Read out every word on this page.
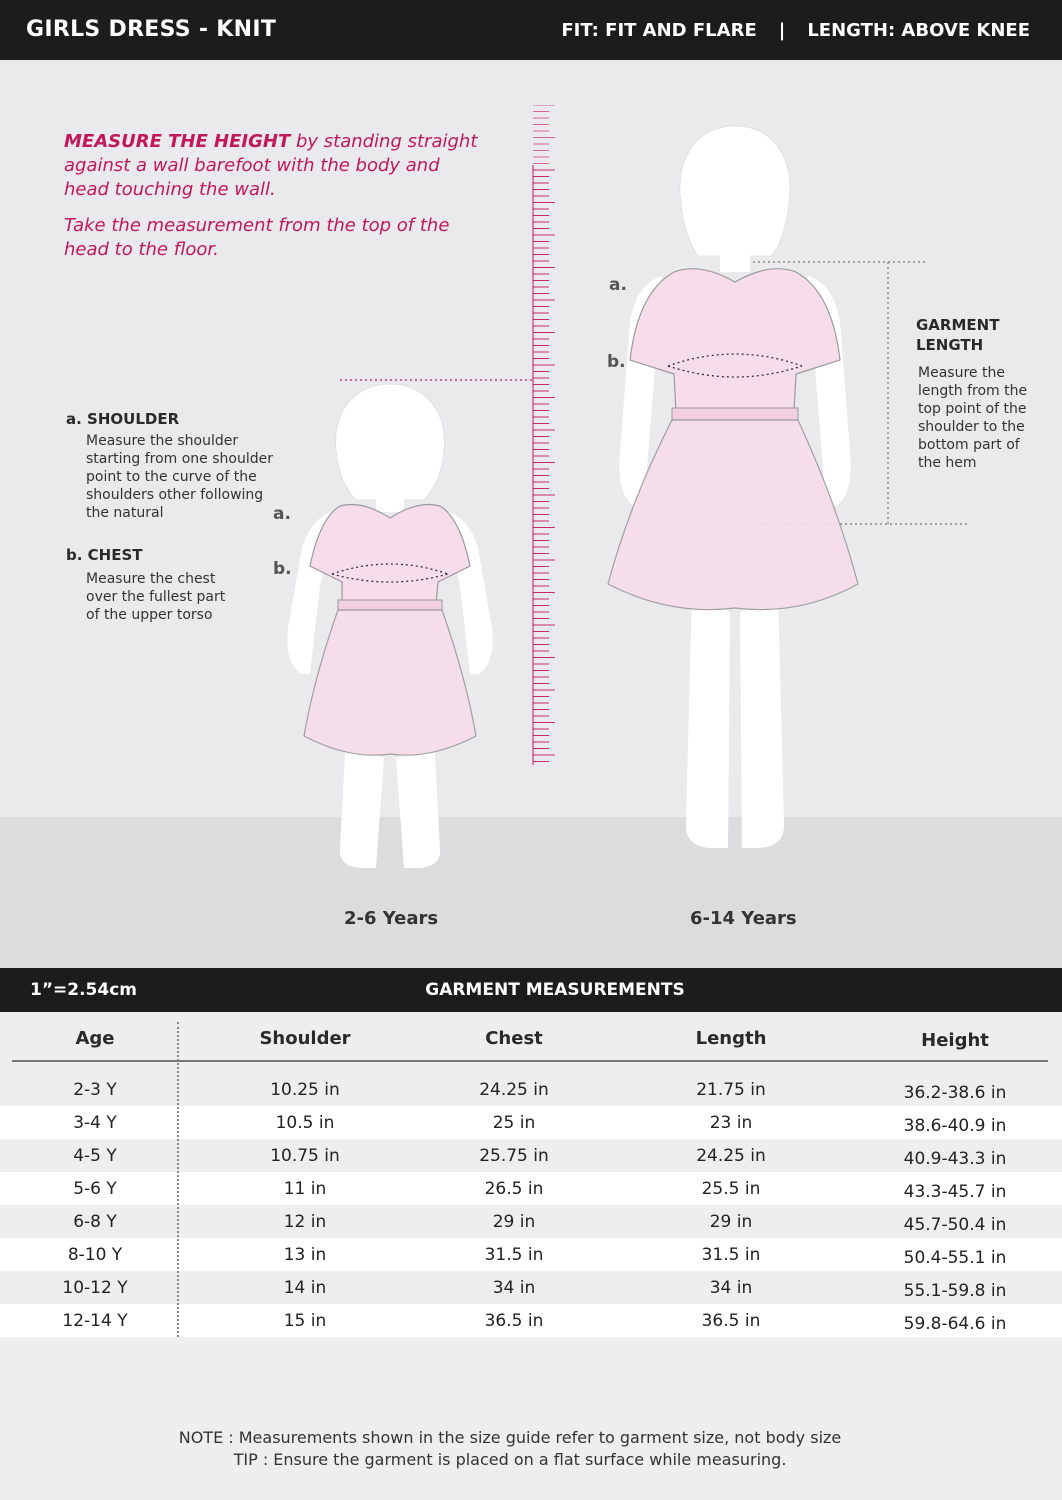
GIRLS DRESS - KNIT	FIT: FIT AND FLARE | LENGTH: ABOVE KNEE

MEASURE THE HEIGHT by standing straight against a wall barefoot with the body and head touching the wall.

Take the measurement from the top of the head to the floor.

a.
b.
a.
b.
a. SHOULDER
Measure the shoulder starting from one shoulder point to the curve of the shoulders other following the natural
b. CHEST
Measure the chest over the fullest part of the upper torso
GARMENT LENGTH
Measure the length from the top point of the shoulder to the bottom part of the hem
2-6 Years	6-14 Years
1”=2.54cm	GARMENT MEASUREMENTS
Age	Shoulder	Chest	Length	Height
2-3 Y	10.25 in	24.25 in	21.75 in	36.2-38.6 in
3-4 Y	10.5 in	25 in	23 in	38.6-40.9 in
4-5 Y	10.75 in	25.75 in	24.25 in	40.9-43.3 in
5-6 Y	11 in	26.5 in	25.5 in	43.3-45.7 in
6-8 Y	12 in	29 in	29 in	45.7-50.4 in
8-10 Y	13 in	31.5 in	31.5 in	50.4-55.1 in
10-12 Y	14 in	34 in	34 in	55.1-59.8 in
12-14 Y	15 in	36.5 in	36.5 in	59.8-64.6 in
NOTE : Measurements shown in the size guide refer to garment size, not body size
TIP : Ensure the garment is placed on a flat surface while measuring.
